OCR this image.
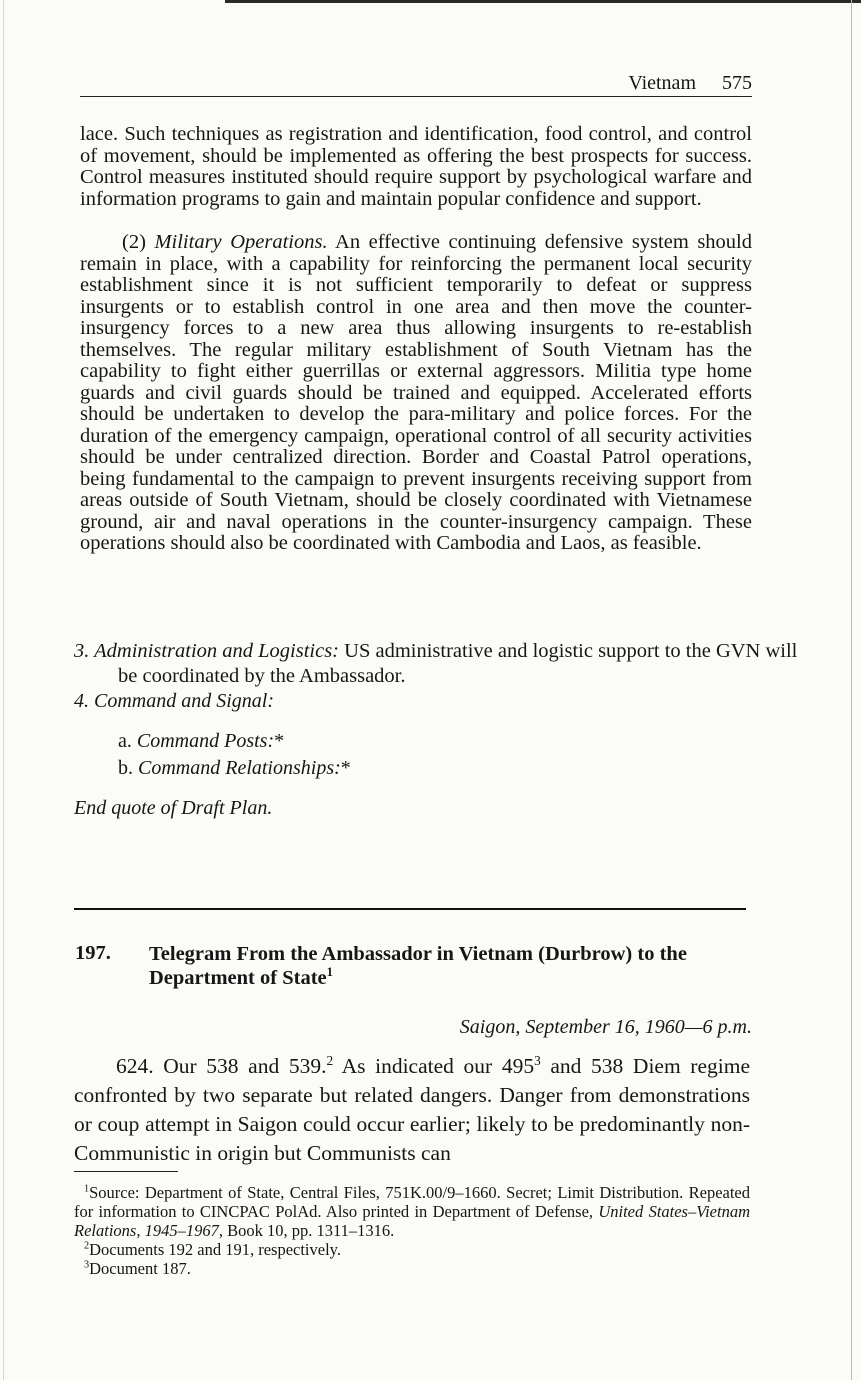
Vietnam 575

lace. Such techniques as registration and identification, food control, and control of movement, should be implemented as offering the best prospects for success. Control measures instituted should require support by psychological warfare and information programs to gain and maintain popular confidence and support.

(2) Military Operations. An effective continuing defensive system should remain in place, with a capability for reinforcing the permanent local security establishment since it is not sufficient temporarily to defeat or suppress insurgents or to establish control in one area and then move the counter-insurgency forces to a new area thus allowing insurgents to re-establish themselves. The regular military establishment of South Vietnam has the capability to fight either guerrillas or external aggressors. Militia type home guards and civil guards should be trained and equipped. Accelerated efforts should be undertaken to develop the para-military and police forces. For the duration of the emergency campaign, operational control of all security activities should be under centralized direction. Border and Coastal Patrol operations, being fundamental to the campaign to prevent insurgents receiving support from areas outside of South Vietnam, should be closely coordinated with Vietnamese ground, air and naval operations in the counter-insurgency campaign. These operations should also be coordinated with Cambodia and Laos, as feasible.

3. Administration and Logistics: US administrative and logistic support to the GVN will be coordinated by the Ambassador.

4. Command and Signal:

a. Command Posts:*

b. Command Relationships:*

End quote of Draft Plan.

197. Telegram From the Ambassador in Vietnam (Durbrow) to the Department of State$^1$

Saigon, September 16, 1960—6 p.m.

624. Our 538 and 539.$^2$ As indicated our $495^3$ and 538 Diem regime confronted by two separate but related dangers. Danger from demonstrations or coup attempt in Saigon could occur earlier; likely to be predominantly non-Communistic in origin but Communists can

$^1$Source: Department of State, Central Files, 751K.00/9–1660. Secret; Limit Distribution. Repeated for information to CINCPAC PolAd. Also printed in Department of Defense, United States–Vietnam Relations, 1945–1967, Book 10, pp. 1311–1316.

$^2$Documents 192 and 191, respectively.

$^3$Document 187.
